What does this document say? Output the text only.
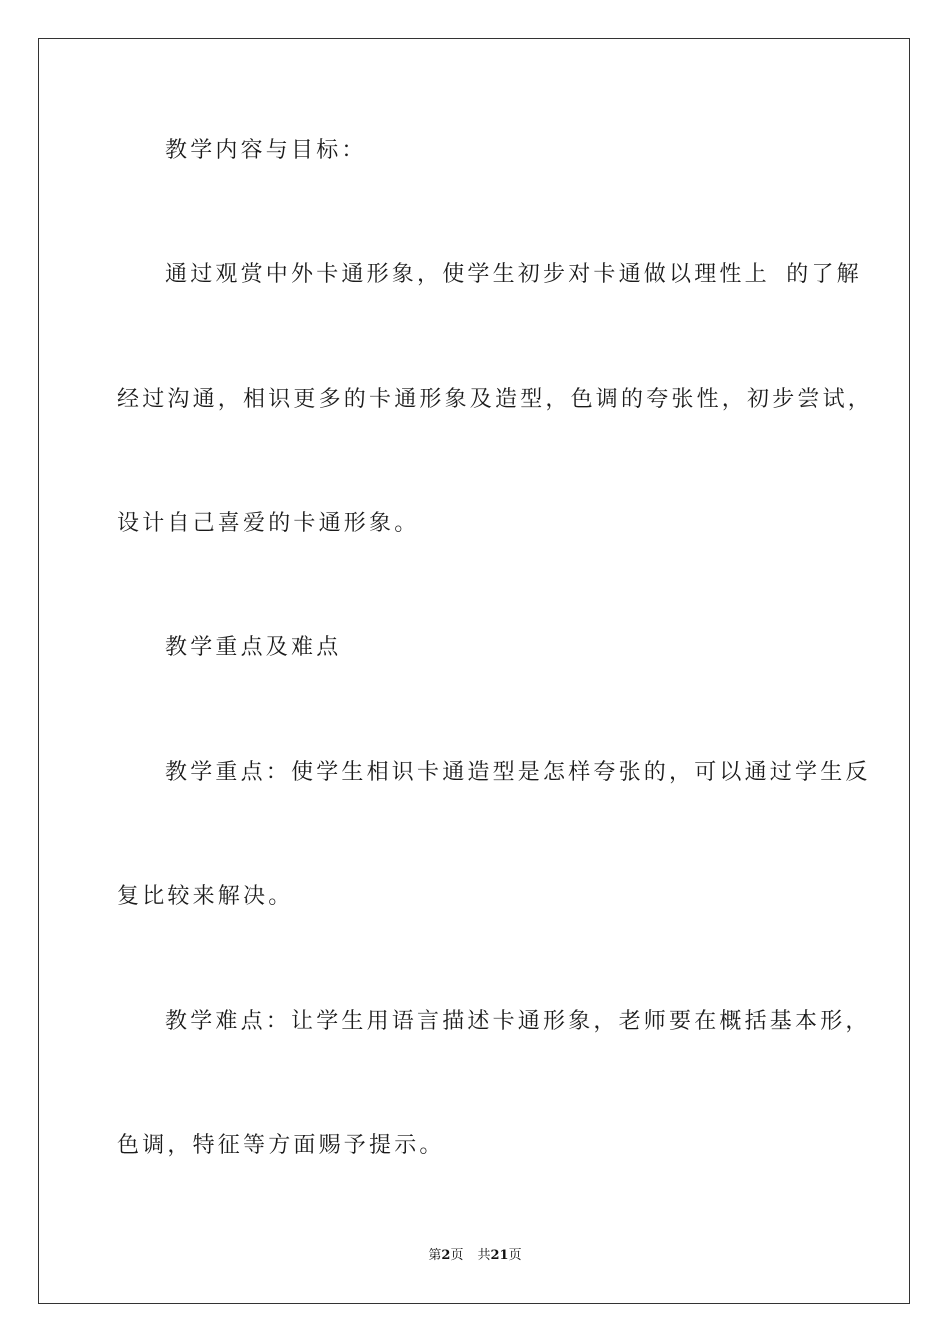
教学内容与目标：
通过观赏中外卡通形象，使学生初步对卡通做以理性上 的了解
经过沟通，相识更多的卡通形象及造型，色调的夸张性，初步尝试，
设计自己喜爱的卡通形象。
教学重点及难点
教学重点：使学生相识卡通造型是怎样夸张的，可以通过学生反
复比较来解决。
教学难点：让学生用语言描述卡通形象，老师要在概括基本形，
色调，特征等方面赐予提示。
第2页 共21页
